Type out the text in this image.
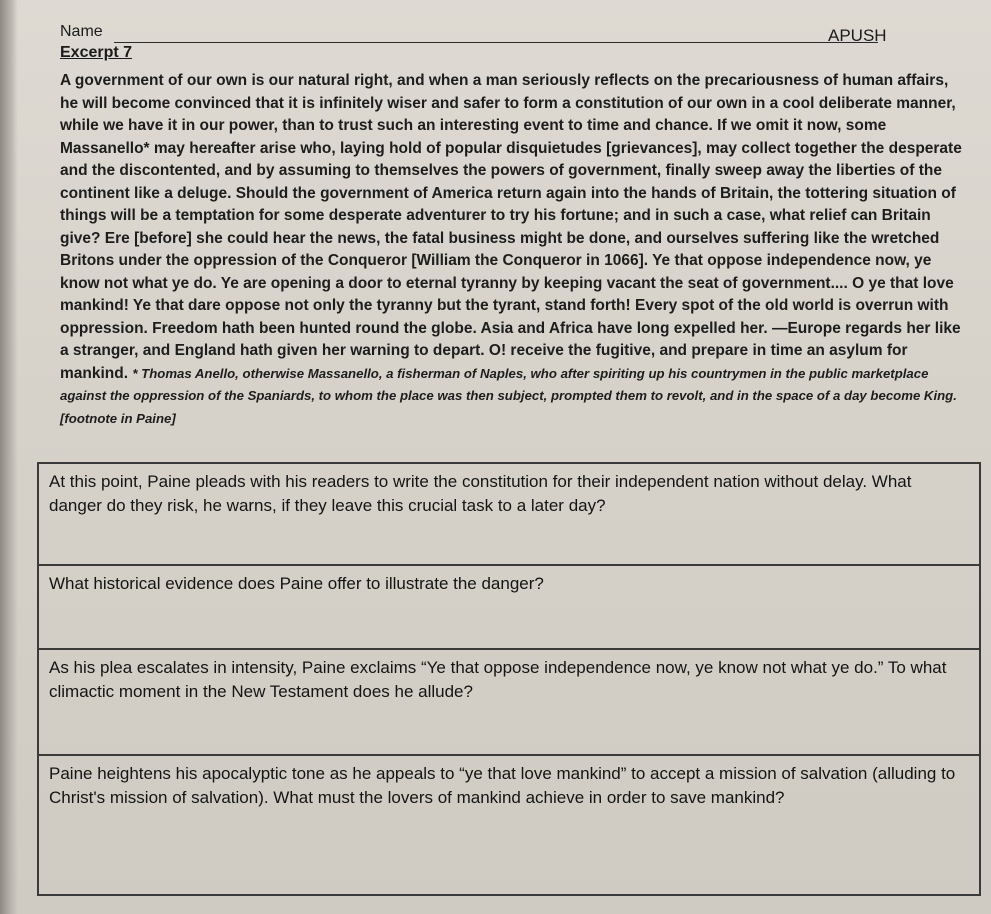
Name	APUSH
Excerpt 7

A government of our own is our natural right, and when a man seriously reflects on the precariousness of human affairs, he will become convinced that it is infinitely wiser and safer to form a constitution of our own in a cool deliberate manner, while we have it in our power, than to trust such an interesting event to time and chance. If we omit it now, some Massanello* may hereafter arise who, laying hold of popular disquietudes [grievances], may collect together the desperate and the discontented, and by assuming to themselves the powers of government, finally sweep away the liberties of the continent like a deluge. Should the government of America return again into the hands of Britain, the tottering situation of things will be a temptation for some desperate adventurer to try his fortune; and in such a case, what relief can Britain give? Ere [before] she could hear the news, the fatal business might be done, and ourselves suffering like the wretched Britons under the oppression of the Conqueror [William the Conqueror in 1066]. Ye that oppose independence now, ye know not what ye do. Ye are opening a door to eternal tyranny by keeping vacant the seat of government.... O ye that love mankind! Ye that dare oppose not only the tyranny but the tyrant, stand forth! Every spot of the old world is overrun with oppression. Freedom hath been hunted round the globe. Asia and Africa have long expelled her. —Europe regards her like a stranger, and England hath given her warning to depart. O! receive the fugitive, and prepare in time an asylum for mankind. * Thomas Anello, otherwise Massanello, a fisherman of Naples, who after spiriting up his countrymen in the public marketplace against the oppression of the Spaniards, to whom the place was then subject, prompted them to revolt, and in the space of a day become King. [footnote in Paine]

At this point, Paine pleads with his readers to write the constitution for their independent nation without delay. What danger do they risk, he warns, if they leave this crucial task to a later day?
What historical evidence does Paine offer to illustrate the danger?
As his plea escalates in intensity, Paine exclaims “Ye that oppose independence now, ye know not what ye do.” To what climactic moment in the New Testament does he allude?
Paine heightens his apocalyptic tone as he appeals to “ye that love mankind” to accept a mission of salvation (alluding to Christ's mission of salvation). What must the lovers of mankind achieve in order to save mankind?
